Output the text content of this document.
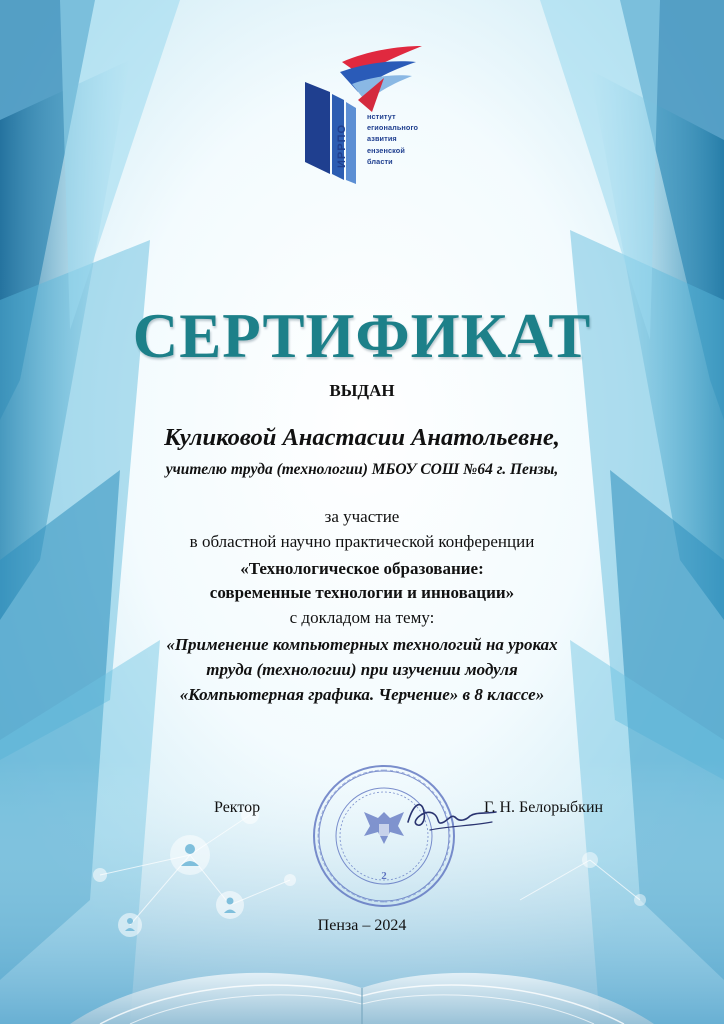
нститут
егионального
азвития
ензенской
бласти
ИРРПО
СЕРТИФИКАТ
ВЫДАН
Куликовой Анастасии Анатольевне,
учителю труда (технологии) МБОУ СОШ №64 г. Пензы,
за участие
в областной научно практической конференции
«Технологическое образование:
современные технологии и инновации»
с докладом на тему:
«Применение компьютерных технологий на уроках
труда (технологии) при изучении модуля
«Компьютерная графика. Черчение» в 8 классе»
2
Ректор	Г. Н. Белорыбкин
Пенза – 2024
